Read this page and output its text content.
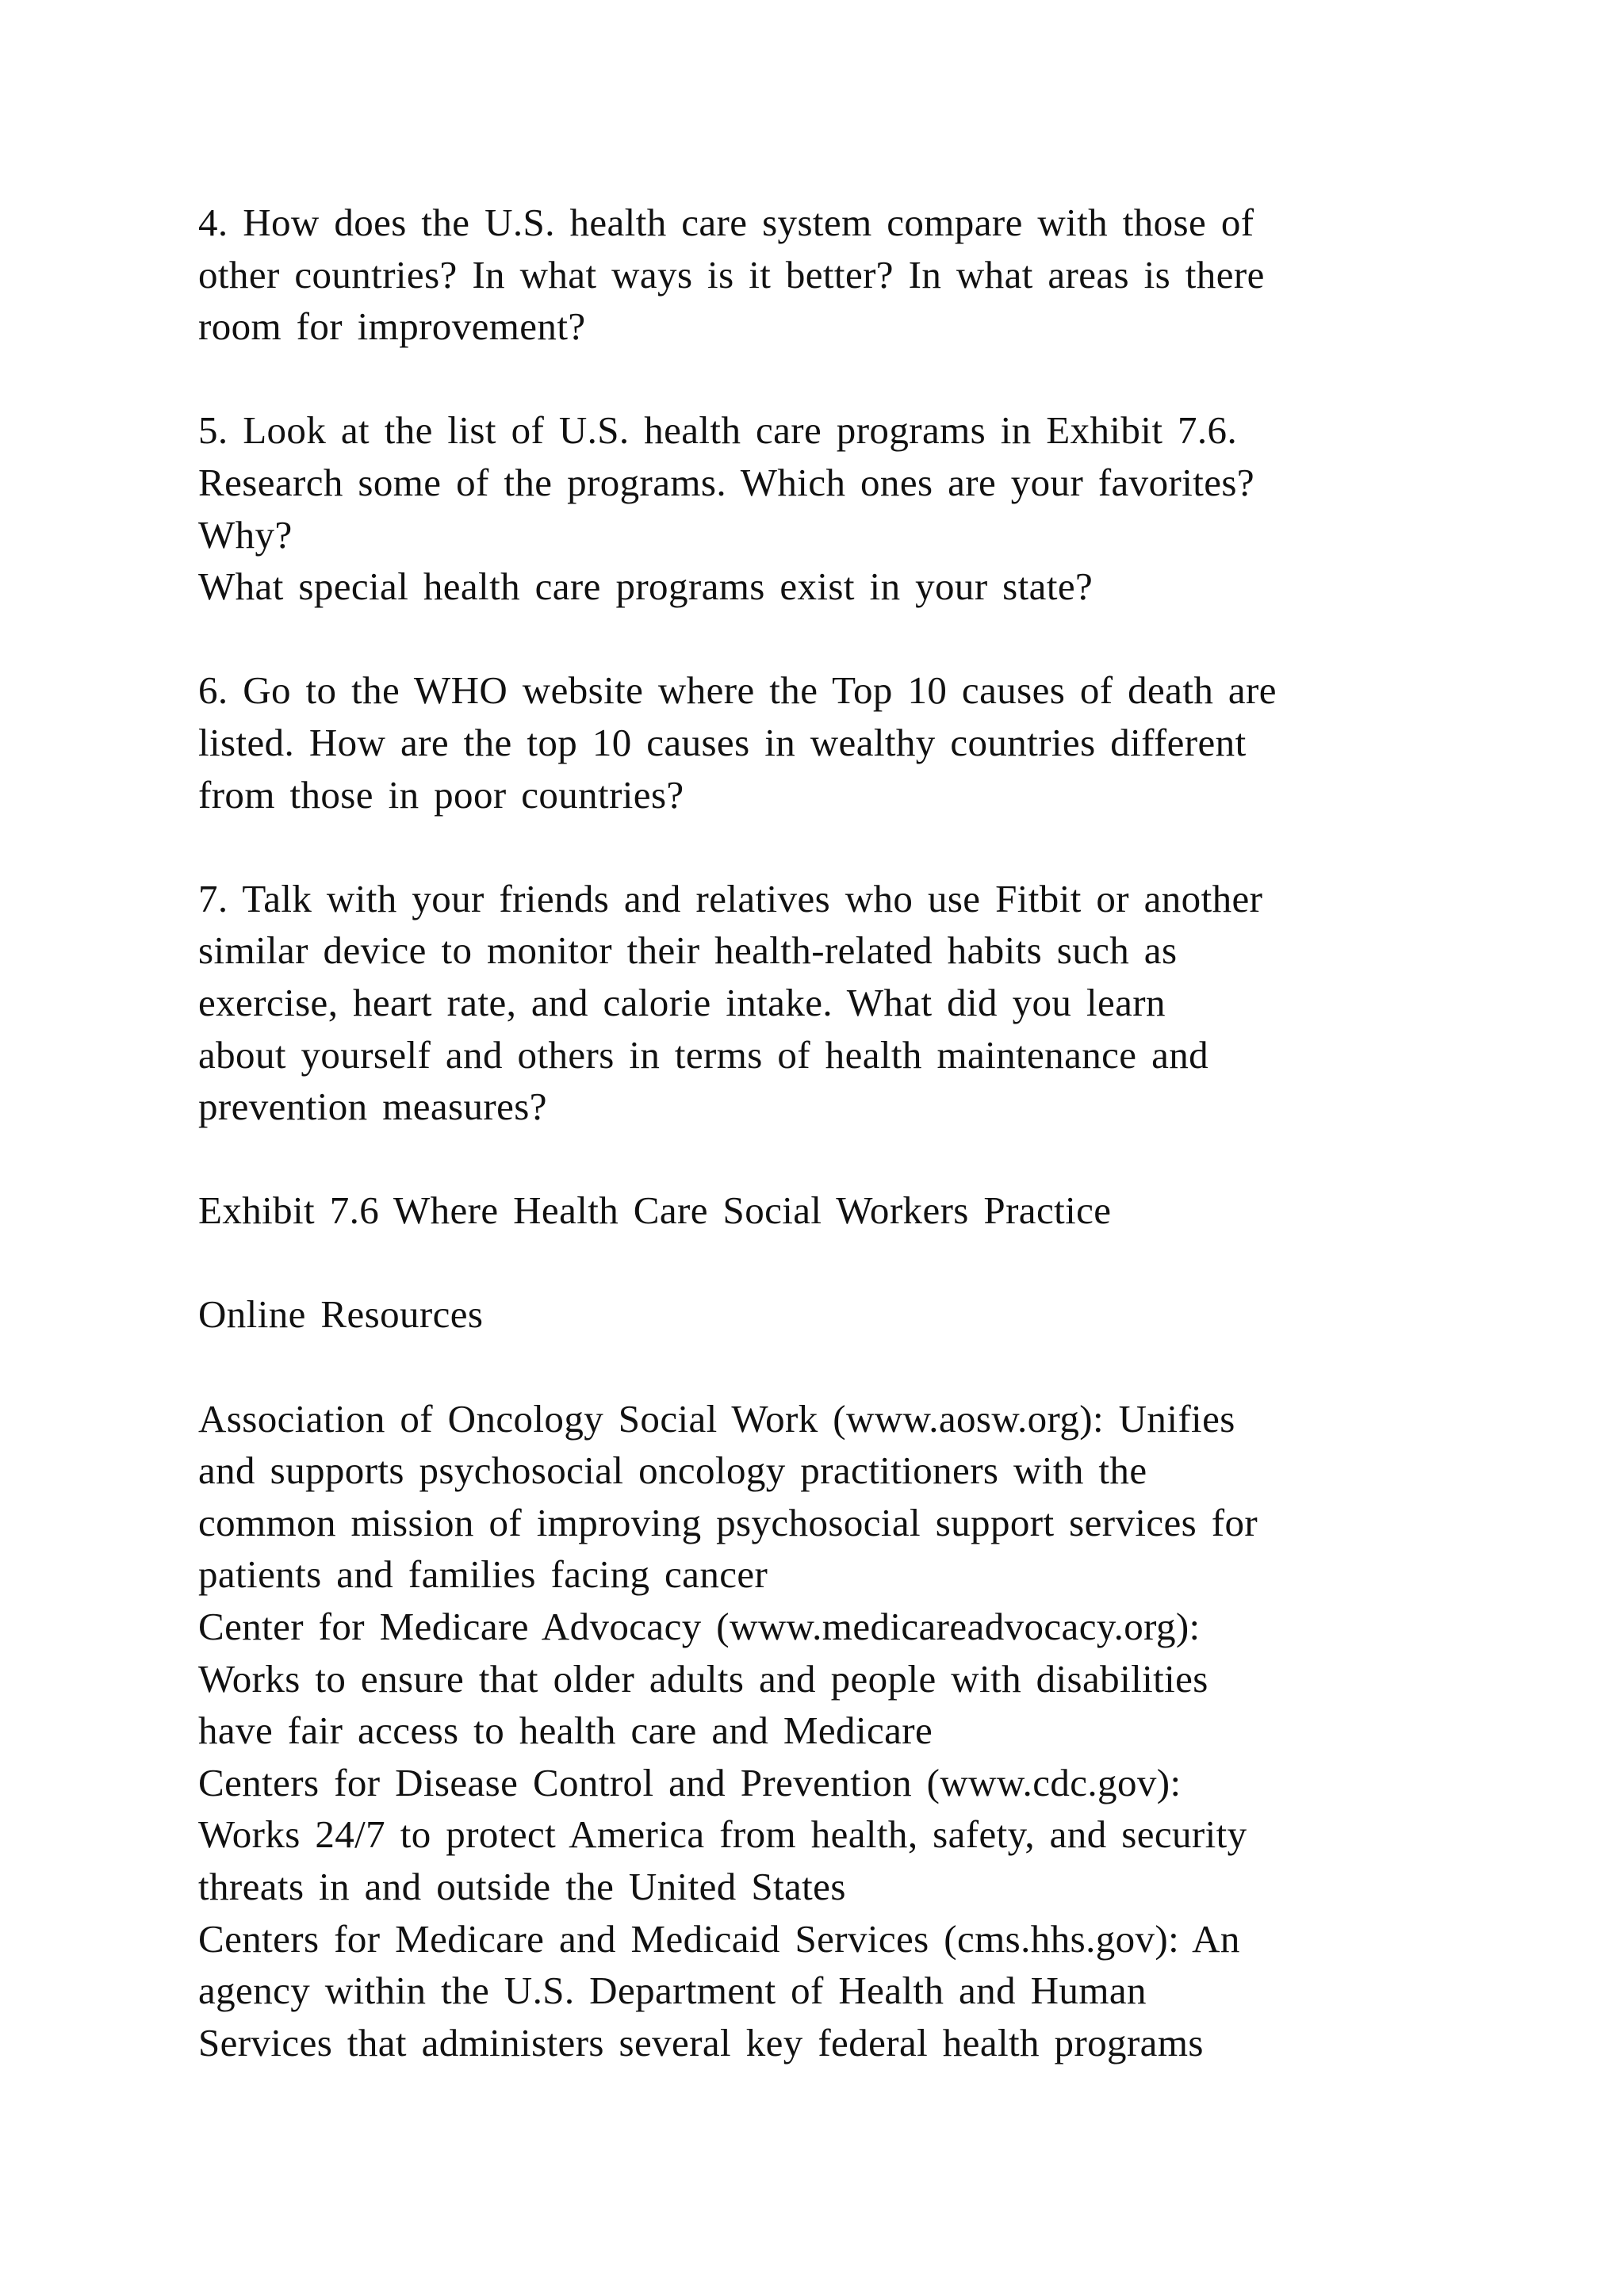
4. How does the U.S. health care system compare with those of
other countries? In what ways is it better? In what areas is there
room for improvement?
5. Look at the list of U.S. health care programs in Exhibit 7.6.
Research some of the programs. Which ones are your favorites?
Why?
What special health care programs exist in your state?
6. Go to the WHO website where the Top 10 causes of death are
listed. How are the top 10 causes in wealthy countries different
from those in poor countries?
7. Talk with your friends and relatives who use Fitbit or another
similar device to monitor their health-related habits such as
exercise, heart rate, and calorie intake. What did you learn
about yourself and others in terms of health maintenance and
prevention measures?
Exhibit 7.6 Where Health Care Social Workers Practice
Online Resources
Association of Oncology Social Work (www.aosw.org): Unifies
and supports psychosocial oncology practitioners with the
common mission of improving psychosocial support services for
patients and families facing cancer
Center for Medicare Advocacy (www.medicareadvocacy.org):
Works to ensure that older adults and people with disabilities
have fair access to health care and Medicare
Centers for Disease Control and Prevention (www.cdc.gov):
Works 24/7 to protect America from health, safety, and security
threats in and outside the United States
Centers for Medicare and Medicaid Services (cms.hhs.gov): An
agency within the U.S. Department of Health and Human
Services that administers several key federal health programs
